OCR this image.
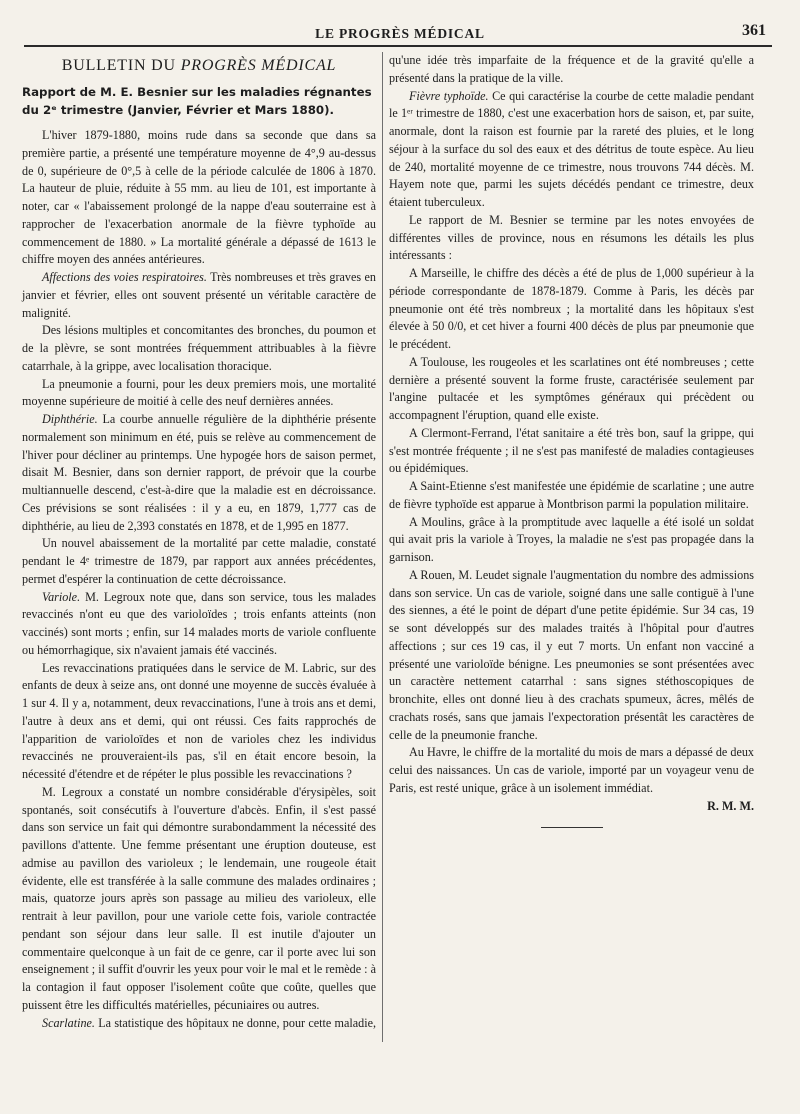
LE PROGRÈS MÉDICAL	361
BULLETIN DU PROGRÈS MÉDICAL

Rapport de M. E. Besnier sur les maladies régnantes du 2ᵉ trimestre (Janvier, Février et Mars 1880).

L'hiver 1879-1880, moins rude dans sa seconde que dans sa première partie, a présenté une température moyenne de 4°,9 au-dessus de 0, supérieure de 0°,5 à celle de la période calculée de 1806 à 1870. La hauteur de pluie, réduite à 55 mm. au lieu de 101, est importante à noter, car « l'abaissement prolongé de la nappe d'eau souterraine est à rapprocher de l'exacerbation anormale de la fièvre typhoïde au commencement de 1880. » La mortalité générale a dépassé de 1613 le chiffre moyen des années antérieures.

Affections des voies respiratoires. Très nombreuses et très graves en janvier et février, elles ont souvent présenté un véritable caractère de malignité.

Des lésions multiples et concomitantes des bronches, du poumon et de la plèvre, se sont montrées fréquemment attribuables à la fièvre catarrhale, à la grippe, avec localisation thoracique.

La pneumonie a fourni, pour les deux premiers mois, une mortalité moyenne supérieure de moitié à celle des neuf dernières années.

Diphthérie. La courbe annuelle régulière de la diphthérie présente normalement son minimum en été, puis se relève au commencement de l'hiver pour décliner au printemps. Une hypogée hors de saison permet, disait M. Besnier, dans son dernier rapport, de prévoir que la courbe multiannuelle descend, c'est-à-dire que la maladie est en décroissance. Ces prévisions se sont réalisées : il y a eu, en 1879, 1,777 cas de diphthérie, au lieu de 2,393 constatés en 1878, et de 1,995 en 1877.

Un nouvel abaissement de la mortalité par cette maladie, constaté pendant le 4ᵉ trimestre de 1879, par rapport aux années précédentes, permet d'espérer la continuation de cette décroissance.

Variole. M. Legroux note que, dans son service, tous les malades revaccinés n'ont eu que des varioloïdes ; trois enfants atteints (non vaccinés) sont morts ; enfin, sur 14 malades morts de variole confluente ou hémorrhagique, six n'avaient jamais été vaccinés.

Les revaccinations pratiquées dans le service de M. Labric, sur des enfants de deux à seize ans, ont donné une moyenne de succès évaluée à 1 sur 4. Il y a, notamment, deux revaccinations, l'une à trois ans et demi, l'autre à deux ans et demi, qui ont réussi. Ces faits rapprochés de l'apparition de varioloïdes et non de varioles chez les individus revaccinés ne prouveraient-ils pas, s'il en était encore besoin, la nécessité d'étendre et de répéter le plus possible les revaccinations ?

M. Legroux a constaté un nombre considérable d'érysipèles, soit spontanés, soit consécutifs à l'ouverture d'abcès. Enfin, il s'est passé dans son service un fait qui démontre surabondamment la nécessité des pavillons d'attente. Une femme présentant une éruption douteuse, est admise au pavillon des varioleux ; le lendemain, une rougeole était évidente, elle est transférée à la salle commune des malades ordinaires ; mais, quatorze jours après son passage au milieu des varioleux, elle rentrait à leur pavillon, pour une variole cette fois, variole contractée pendant son séjour dans leur salle. Il est inutile d'ajouter un commentaire quelconque à un fait de ce genre, car il porte avec lui son enseignement ; il suffit d'ouvrir les yeux pour voir le mal et le remède : à la contagion il faut opposer l'isolement coûte que coûte, quelles que puissent être les difficultés matérielles, pécuniaires ou autres.

Scarlatine. La statistique des hôpitaux ne donne, pour cette maladie,

qu'une idée très imparfaite de la fréquence et de la gravité qu'elle a présenté dans la pratique de la ville.

Fièvre typhoïde. Ce qui caractérise la courbe de cette maladie pendant le 1ᵉʳ trimestre de 1880, c'est une exacerbation hors de saison, et, par suite, anormale, dont la raison est fournie par la rareté des pluies, et le long séjour à la surface du sol des eaux et des détritus de toute espèce. Au lieu de 240, mortalité moyenne de ce trimestre, nous trouvons 744 décès. M. Hayem note que, parmi les sujets décédés pendant ce trimestre, deux étaient tuberculeux.

Le rapport de M. Besnier se termine par les notes envoyées de différentes villes de province, nous en résumons les détails les plus intéressants :

A Marseille, le chiffre des décès a été de plus de 1,000 supérieur à la période correspondante de 1878-1879. Comme à Paris, les décès par pneumonie ont été très nombreux ; la mortalité dans les hôpitaux s'est élevée à 50 0/0, et cet hiver a fourni 400 décès de plus par pneumonie que le précédent.

A Toulouse, les rougeoles et les scarlatines ont été nombreuses ; cette dernière a présenté souvent la forme fruste, caractérisée seulement par l'angine pultacée et les symptômes généraux qui précèdent ou accompagnent l'éruption, quand elle existe.

A Clermont-Ferrand, l'état sanitaire a été très bon, sauf la grippe, qui s'est montrée fréquente ; il ne s'est pas manifesté de maladies contagieuses ou épidémiques.

A Saint-Etienne s'est manifestée une épidémie de scarlatine ; une autre de fièvre typhoïde est apparue à Montbrison parmi la population militaire.

A Moulins, grâce à la promptitude avec laquelle a été isolé un soldat qui avait pris la variole à Troyes, la maladie ne s'est pas propagée dans la garnison.

A Rouen, M. Leudet signale l'augmentation du nombre des admissions dans son service. Un cas de variole, soigné dans une salle contiguë à l'une des siennes, a été le point de départ d'une petite épidémie. Sur 34 cas, 19 se sont développés sur des malades traités à l'hôpital pour d'autres affections ; sur ces 19 cas, il y eut 7 morts. Un enfant non vacciné a présenté une varioloïde bénigne. Les pneumonies se sont présentées avec un caractère nettement catarrhal : sans signes stéthoscopiques de bronchite, elles ont donné lieu à des crachats spumeux, âcres, mêlés de crachats rosés, sans que jamais l'expectoration présentât les caractères de celle de la pneumonie franche.

Au Havre, le chiffre de la mortalité du mois de mars a dépassé de deux celui des naissances. Un cas de variole, importé par un voyageur venu de Paris, est resté unique, grâce à un isolement immédiat.

R. M. M.
